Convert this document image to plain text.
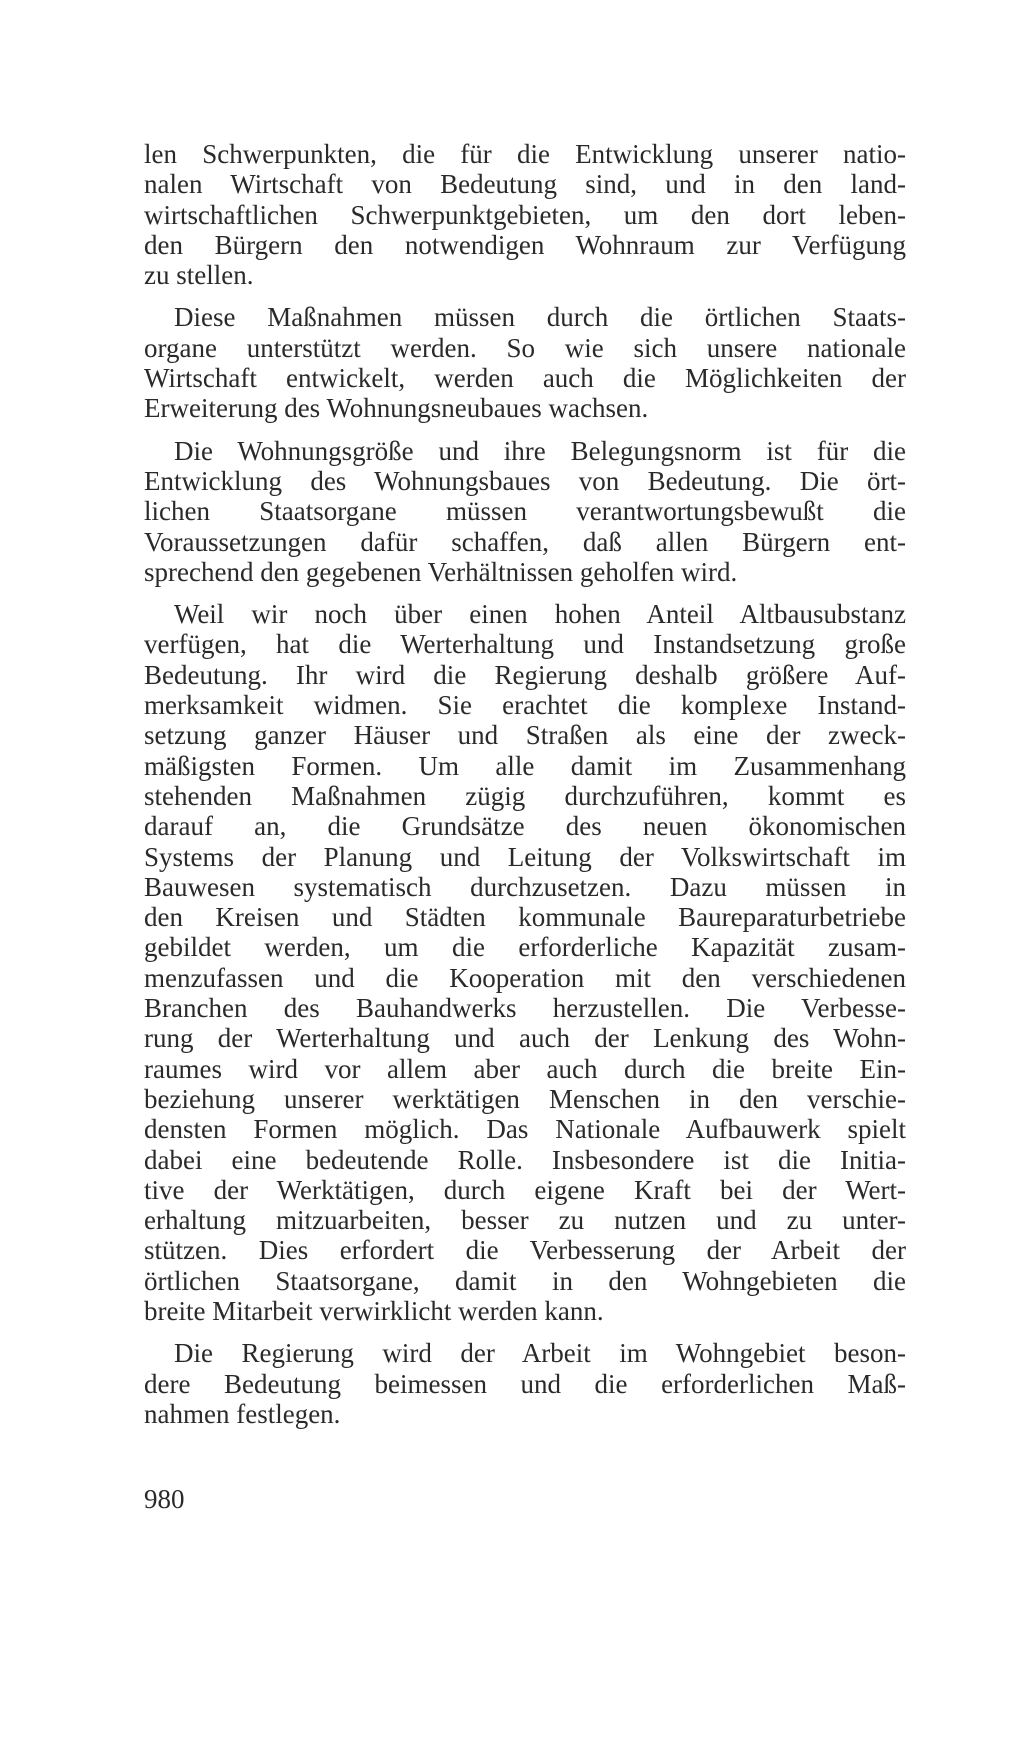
len Schwerpunkten, die für die Entwicklung unserer natio-
nalen Wirtschaft von Bedeutung sind, und in den land-
wirtschaftlichen Schwerpunktgebieten, um den dort leben-
den Bürgern den notwendigen Wohnraum zur Verfügung
zu stellen.
Diese Maßnahmen müssen durch die örtlichen Staats-
organe unterstützt werden. So wie sich unsere nationale
Wirtschaft entwickelt, werden auch die Möglichkeiten der
Erweiterung des Wohnungsneubaues wachsen.
Die Wohnungsgröße und ihre Belegungsnorm ist für die
Entwicklung des Wohnungsbaues von Bedeutung. Die ört-
lichen Staatsorgane müssen verantwortungsbewußt die
Voraussetzungen dafür schaffen, daß allen Bürgern ent-
sprechend den gegebenen Verhältnissen geholfen wird.
Weil wir noch über einen hohen Anteil Altbausubstanz
verfügen, hat die Werterhaltung und Instandsetzung große
Bedeutung. Ihr wird die Regierung deshalb größere Auf-
merksamkeit widmen. Sie erachtet die komplexe Instand-
setzung ganzer Häuser und Straßen als eine der zweck-
mäßigsten Formen. Um alle damit im Zusammenhang
stehenden Maßnahmen zügig durchzuführen, kommt es
darauf an, die Grundsätze des neuen ökonomischen
Systems der Planung und Leitung der Volkswirtschaft im
Bauwesen systematisch durchzusetzen. Dazu müssen in
den Kreisen und Städten kommunale Baureparaturbetriebe
gebildet werden, um die erforderliche Kapazität zusam-
menzufassen und die Kooperation mit den verschiedenen
Branchen des Bauhandwerks herzustellen. Die Verbesse-
rung der Werterhaltung und auch der Lenkung des Wohn-
raumes wird vor allem aber auch durch die breite Ein-
beziehung unserer werktätigen Menschen in den verschie-
densten Formen möglich. Das Nationale Aufbauwerk spielt
dabei eine bedeutende Rolle. Insbesondere ist die Initia-
tive der Werktätigen, durch eigene Kraft bei der Wert-
erhaltung mitzuarbeiten, besser zu nutzen und zu unter-
stützen. Dies erfordert die Verbesserung der Arbeit der
örtlichen Staatsorgane, damit in den Wohngebieten die
breite Mitarbeit verwirklicht werden kann.
Die Regierung wird der Arbeit im Wohngebiet beson-
dere Bedeutung beimessen und die erforderlichen Maß-
nahmen festlegen.
980
